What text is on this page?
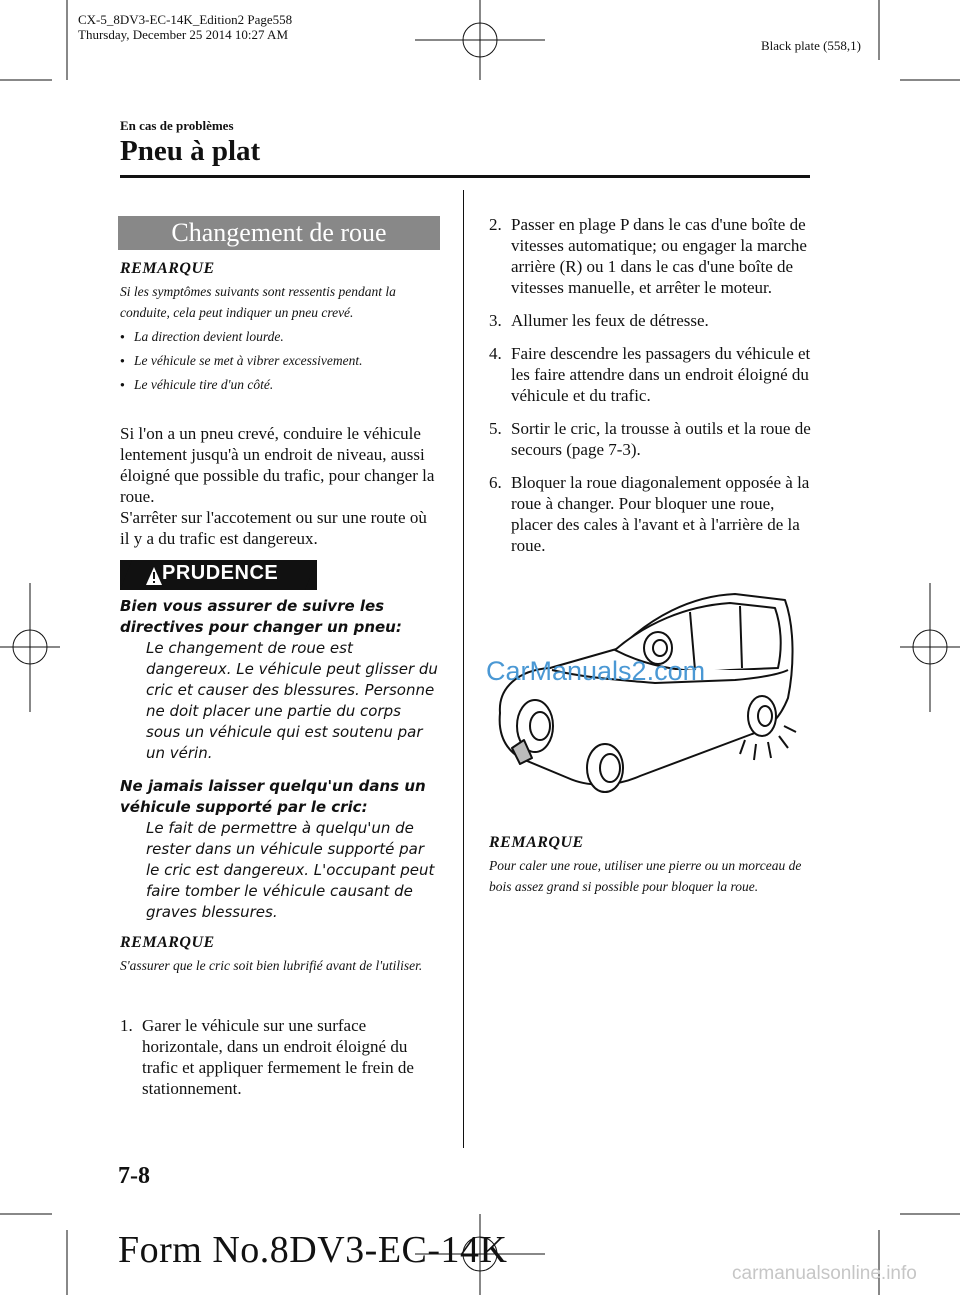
CX-5_8DV3-EC-14K_Edition2 Page558
Thursday, December 25 2014 10:27 AM
Black plate (558,1)
En cas de problèmes
Pneu à plat
Changement de roue
REMARQUE
Si les symptômes suivants sont ressentis pendant la conduite, cela peut indiquer un pneu crevé.
● La direction devient lourde.
● Le véhicule se met à vibrer excessivement.
● Le véhicule tire d'un côté.
Si l'on a un pneu crevé, conduire le véhicule lentement jusqu'à un endroit de niveau, aussi éloigné que possible du trafic, pour changer la roue.
S'arrêter sur l'accotement ou sur une route où il y a du trafic est dangereux.
PRUDENCE
Bien vous assurer de suivre les directives pour changer un pneu:
Le changement de roue est dangereux. Le véhicule peut glisser du cric et causer des blessures. Personne ne doit placer une partie du corps sous un véhicule qui est soutenu par un vérin.
Ne jamais laisser quelqu'un dans un véhicule supporté par le cric:
Le fait de permettre à quelqu'un de rester dans un véhicule supporté par le cric est dangereux. L'occupant peut faire tomber le véhicule causant de graves blessures.
REMARQUE
S'assurer que le cric soit bien lubrifié avant de l'utiliser.
1. Garer le véhicule sur une surface horizontale, dans un endroit éloigné du trafic et appliquer fermement le frein de stationnement.
2. Passer en plage P dans le cas d'une boîte de vitesses automatique; ou engager la marche arrière (R) ou 1 dans le cas d'une boîte de vitesses manuelle, et arrêter le moteur.
3. Allumer les feux de détresse.
4. Faire descendre les passagers du véhicule et les faire attendre dans un endroit éloigné du véhicule et du trafic.
5. Sortir le cric, la trousse à outils et la roue de secours (page 7-3).
6. Bloquer la roue diagonalement opposée à la roue à changer. Pour bloquer une roue, placer des cales à l'avant et à l'arrière de la roue.
CarManuals2.com
REMARQUE
Pour caler une roue, utiliser une pierre ou un morceau de bois assez grand si possible pour bloquer la roue.
7-8
Form No.8DV3-EC-14K
carmanualsonline.info
